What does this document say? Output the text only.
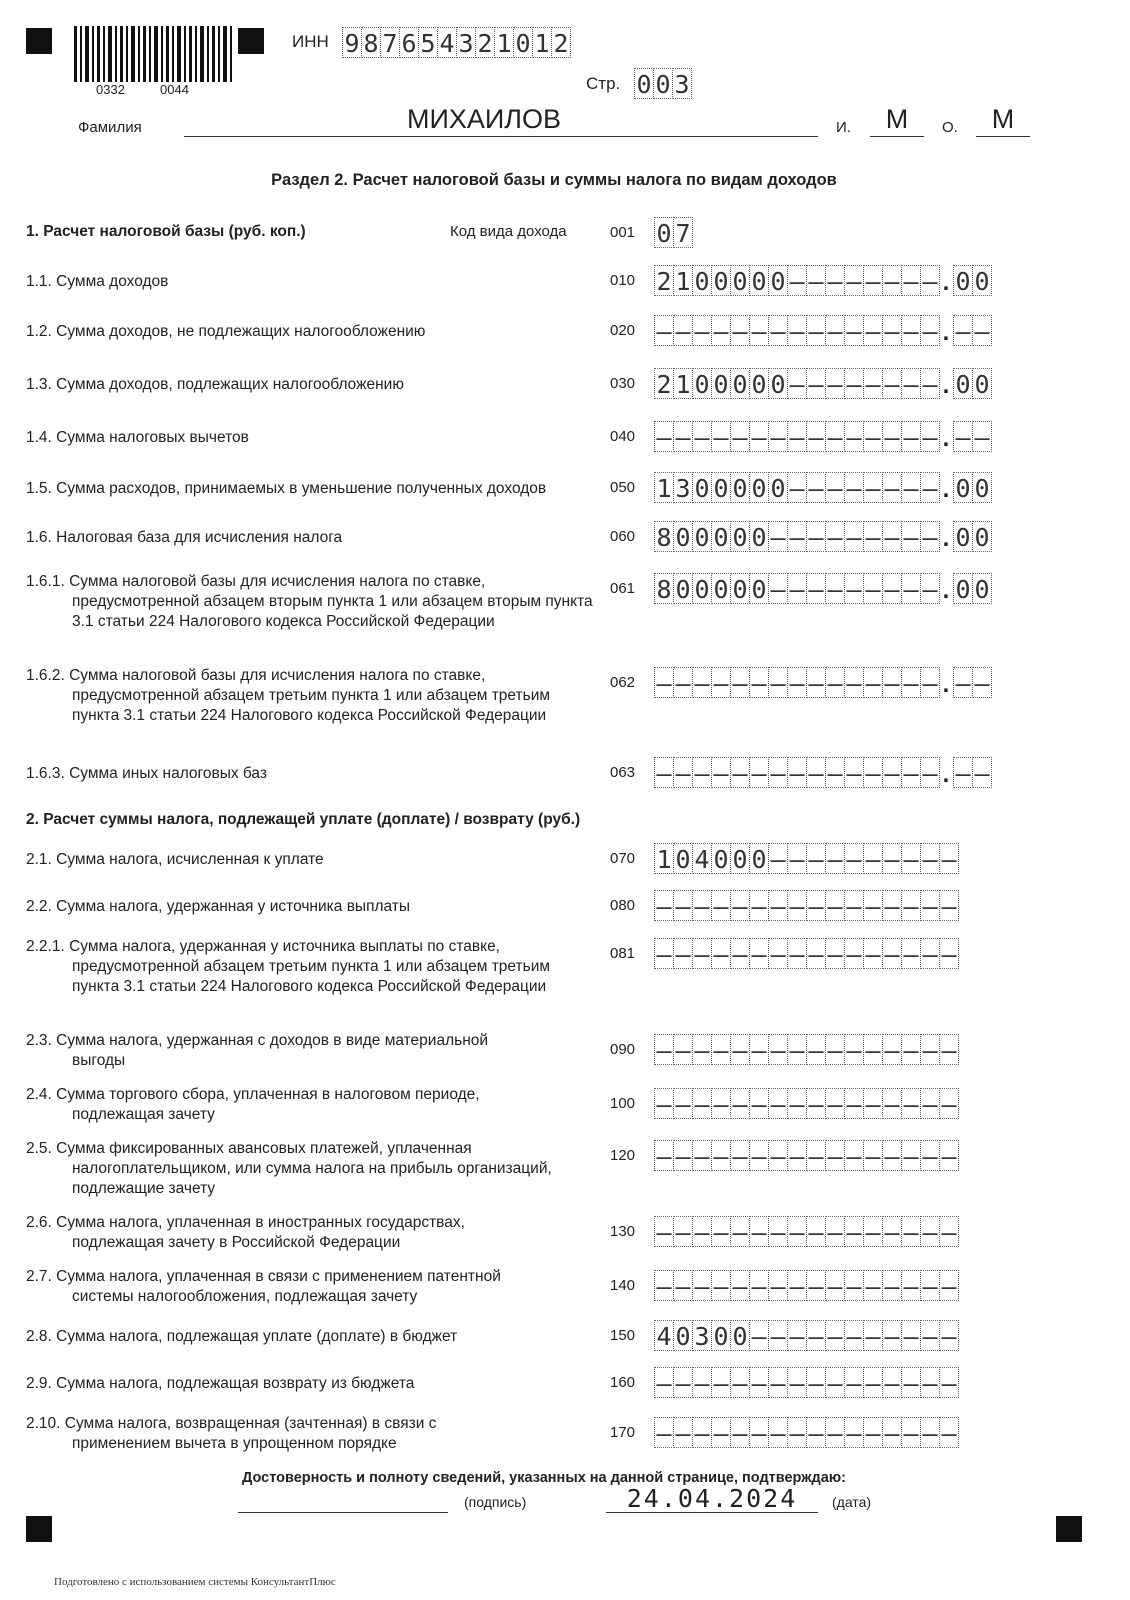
0332	0044
ИНН 9 8 7 6 5 4 3 2 1 0 1 2
Стр. 0 0 3
Фамилия	МИХАИЛОВ	И.	М	О.	М
Раздел 2. Расчет налоговой базы и суммы налога по видам доходов
1. Расчет налоговой базы (руб. коп.)	Код вида дохода	001 0 7
1.1. Сумма доходов	010 2 1 0 0 0 0 0 – – – – – – – – . 0 0
1.2. Сумма доходов, не подлежащих налогообложению	020 – – – – – – – – – – – – – – – . – –
1.3. Сумма доходов, подлежащих налогообложению	030 2 1 0 0 0 0 0 – – – – – – – – . 0 0
1.4. Сумма налоговых вычетов	040 – – – – – – – – – – – – – – – . – –
1.5. Сумма расходов, принимаемых в уменьшение полученных доходов	050 1 3 0 0 0 0 0 – – – – – – – – . 0 0
1.6. Налоговая база для исчисления налога	060 8 0 0 0 0 0 – – – – – – – – – . 0 0
1.6.1. Сумма налоговой базы для исчисления налога по ставке,
предусмотренной абзацем вторым пункта 1 или абзацем вторым пункта 3.1 статьи 224 Налогового кодекса Российской Федерации
061 8 0 0 0 0 0 – – – – – – – – – . 0 0
1.6.2. Сумма налоговой базы для исчисления налога по ставке,
предусмотренной абзацем третьим пункта 1 или абзацем третьим пункта 3.1 статьи 224 Налогового кодекса Российской Федерации
062 – – – – – – – – – – – – – – – . – –
1.6.3. Сумма иных налоговых баз	063 – – – – – – – – – – – – – – – . – –
2. Расчет суммы налога, подлежащей уплате (доплате) / возврату (руб.)
2.1. Сумма налога, исчисленная к уплате	070 1 0 4 0 0 0 – – – – – – – – – –
2.2. Сумма налога, удержанная у источника выплаты	080 – – – – – – – – – – – – – – – –
2.2.1. Сумма налога, удержанная у источника выплаты по ставке,
предусмотренной абзацем третьим пункта 1 или абзацем третьим пункта 3.1 статьи 224 Налогового кодекса Российской Федерации
081 – – – – – – – – – – – – – – – –
2.3. Сумма налога, удержанная с доходов в виде материальной
выгоды
090 – – – – – – – – – – – – – – – –
2.4. Сумма торгового сбора, уплаченная в налоговом периоде,
подлежащая зачету
100 – – – – – – – – – – – – – – – –
2.5. Сумма фиксированных авансовых платежей, уплаченная
налогоплательщиком, или сумма налога на прибыль организаций, подлежащие зачету
120 – – – – – – – – – – – – – – – –
2.6. Сумма налога, уплаченная в иностранных государствах,
подлежащая зачету в Российской Федерации
130 – – – – – – – – – – – – – – – –
2.7. Сумма налога, уплаченная в связи с применением патентной
системы налогообложения, подлежащая зачету
140 – – – – – – – – – – – – – – – –
2.8. Сумма налога, подлежащая уплате (доплате) в бюджет	150 4 0 3 0 0 – – – – – – – – – – –
2.9. Сумма налога, подлежащая возврату из бюджета	160 – – – – – – – – – – – – – – – –
2.10. Сумма налога, возвращенная (зачтенная) в связи с
применением вычета в упрощенном порядке
170 – – – – – – – – – – – – – – – –
Достоверность и полноту сведений, указанных на данной странице, подтверждаю:
(подпись)	24.04.2024	(дата)
Подготовлено с использованием системы КонсультантПлюс
